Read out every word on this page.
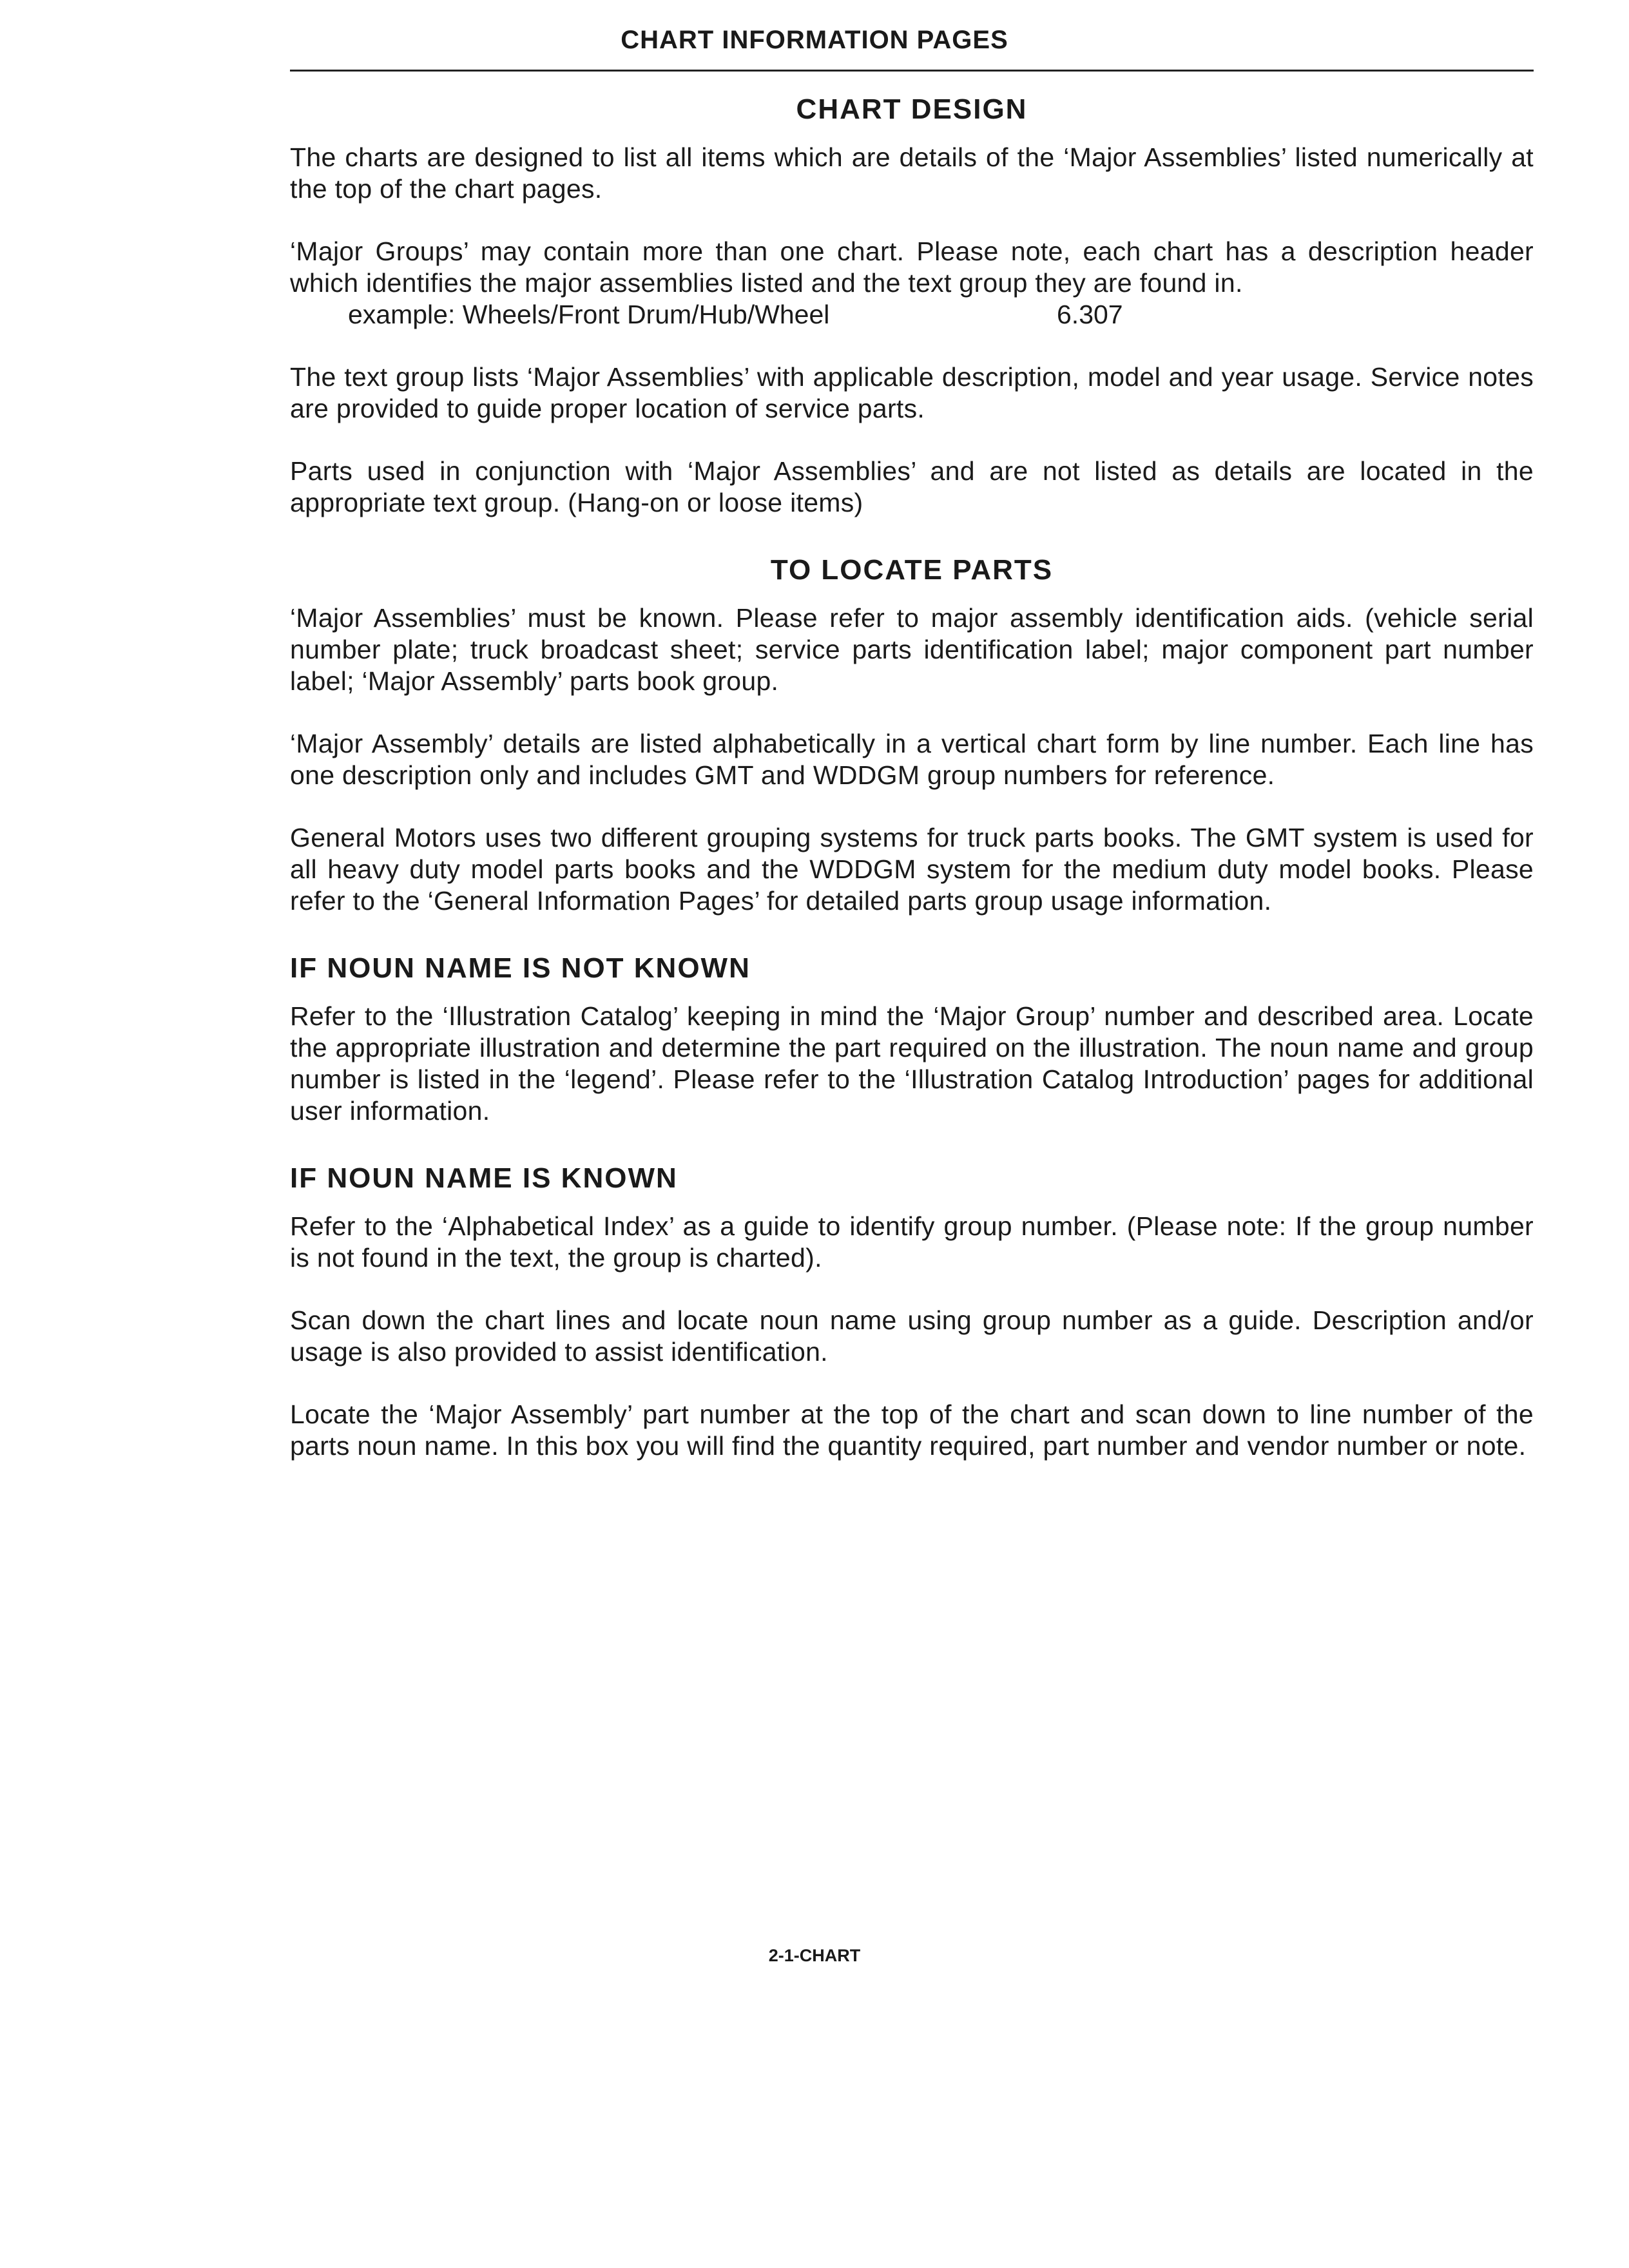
CHART INFORMATION PAGES
CHART DESIGN

The charts are designed to list all items which are details of the ‘Major Assemblies’ listed numerically at the top of the chart pages.

‘Major Groups’ may contain more than one chart. Please note, each chart has a description header which identifies the major assemblies listed and the text group they are found in.

example: Wheels/Front Drum/Hub/Wheel	6.307

The text group lists ‘Major Assemblies’ with applicable description, model and year usage. Service notes are provided to guide proper location of service parts.

Parts used in conjunction with ‘Major Assemblies’ and are not listed as details are located in the appropriate text group. (Hang-on or loose items)

TO LOCATE PARTS

‘Major Assemblies’ must be known. Please refer to major assembly identification aids. (vehicle serial number plate; truck broadcast sheet; service parts identification label; major component part number label; ‘Major Assembly’ parts book group.

‘Major Assembly’ details are listed alphabetically in a vertical chart form by line number. Each line has one description only and includes GMT and WDDGM group numbers for reference.

General Motors uses two different grouping systems for truck parts books. The GMT system is used for all heavy duty model parts books and the WDDGM system for the medium duty model books. Please refer to the ‘General Information Pages’ for detailed parts group usage information.

IF NOUN NAME IS NOT KNOWN

Refer to the ‘Illustration Catalog’ keeping in mind the ‘Major Group’ number and described area. Locate the appropriate illustration and determine the part required on the illustration. The noun name and group number is listed in the ‘legend’. Please refer to the ‘Illustration Catalog Introduction’ pages for additional user information.

IF NOUN NAME IS KNOWN

Refer to the ‘Alphabetical Index’ as a guide to identify group number. (Please note: If the group number is not found in the text, the group is charted).

Scan down the chart lines and locate noun name using group number as a guide. Description and/or usage is also provided to assist identification.

Locate the ‘Major Assembly’ part number at the top of the chart and scan down to line number of the parts noun name. In this box you will find the quantity required, part number and vendor number or note.

2-1-CHART
